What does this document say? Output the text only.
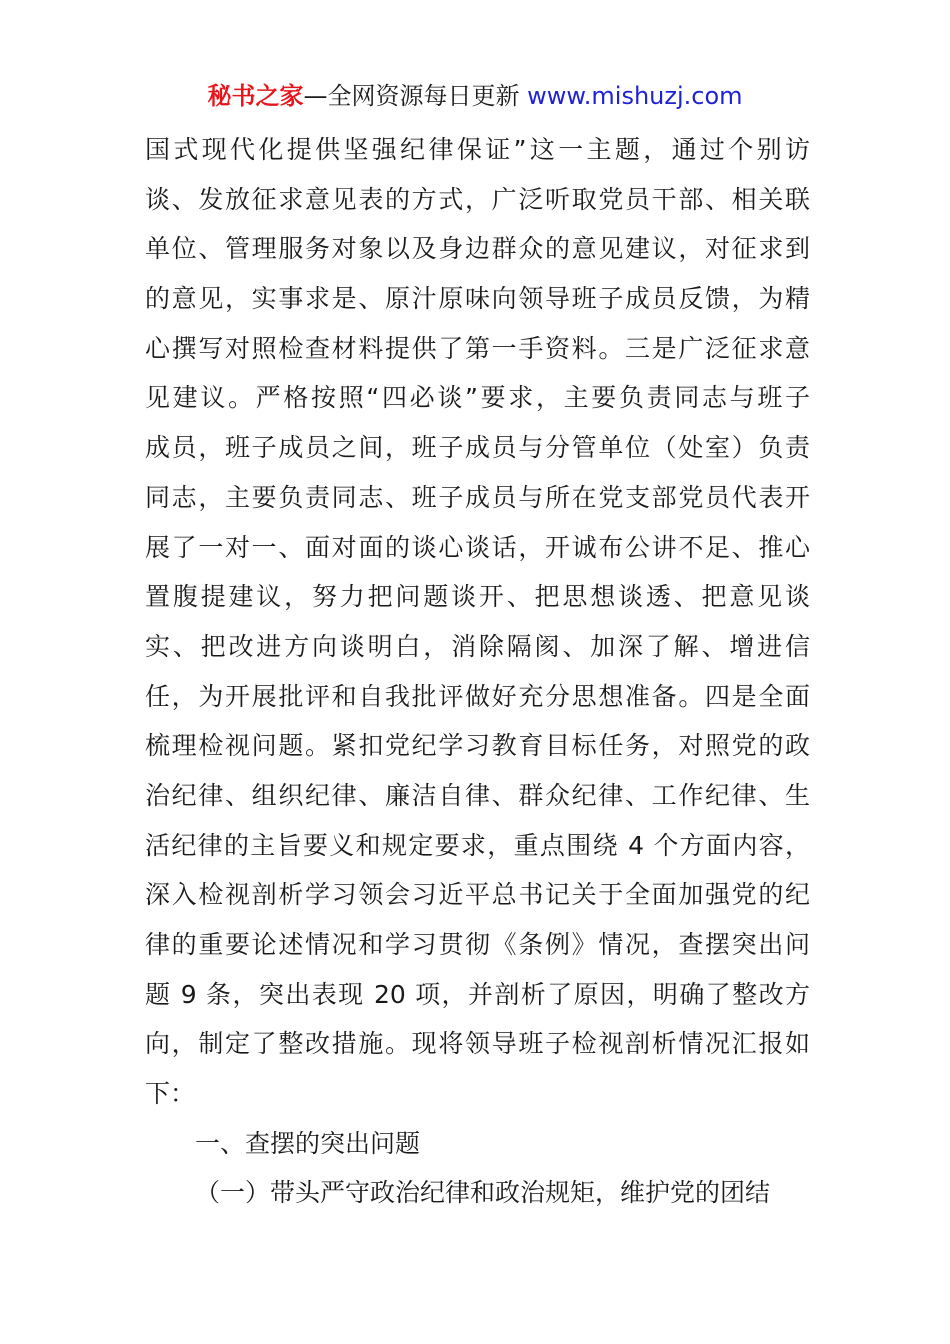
秘书之家—全网资源每日更新 www.mishuzj.com
国式现代化提供坚强纪律保证”这一主题，通过个别访
谈、发放征求意见表的方式，广泛听取党员干部、相关联
单位、管理服务对象以及身边群众的意见建议，对征求到
的意见，实事求是、原汁原味向领导班子成员反馈，为精
心撰写对照检查材料提供了第一手资料。三是广泛征求意
见建议。严格按照“四必谈”要求，主要负责同志与班子
成员，班子成员之间，班子成员与分管单位（处室）负责
同志，主要负责同志、班子成员与所在党支部党员代表开
展了一对一、面对面的谈心谈话，开诚布公讲不足、推心
置腹提建议，努力把问题谈开、把思想谈透、把意见谈
实、把改进方向谈明白，消除隔阂、加深了解、增进信
任，为开展批评和自我批评做好充分思想准备。四是全面
梳理检视问题。紧扣党纪学习教育目标任务，对照党的政
治纪律、组织纪律、廉洁自律、群众纪律、工作纪律、生
活纪律的主旨要义和规定要求，重点围绕 4 个方面内容，
深入检视剖析学习领会习近平总书记关于全面加强党的纪
律的重要论述情况和学习贯彻《条例》情况，查摆突出问
题 9 条，突出表现 20 项，并剖析了原因，明确了整改方
向，制定了整改措施。现将领导班子检视剖析情况汇报如
下：
一、查摆的突出问题
（一）带头严守政治纪律和政治规矩，维护党的团结
